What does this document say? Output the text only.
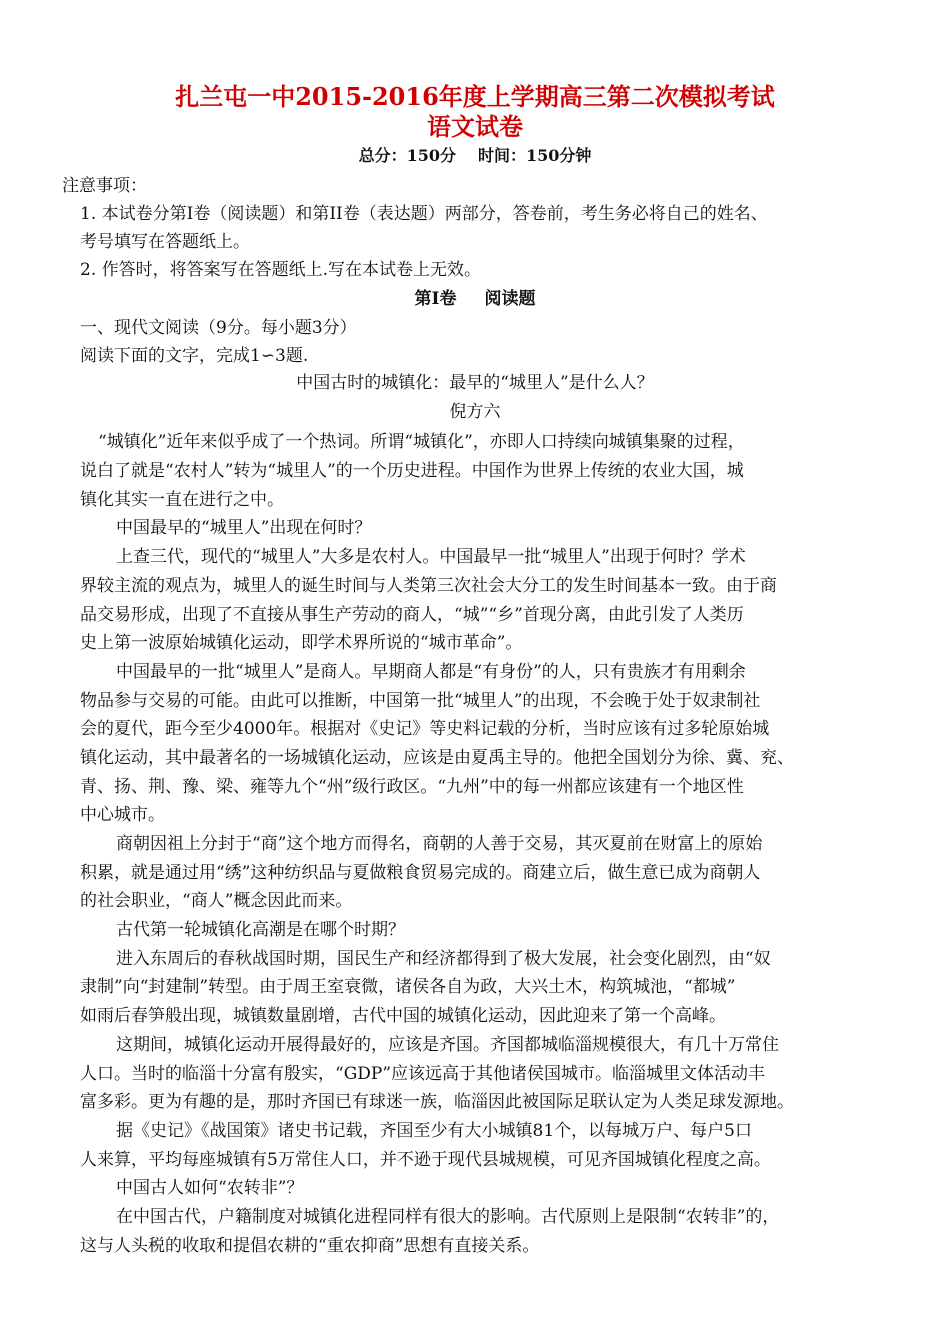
扎兰屯一中2015-2016年度上学期高三第二次模拟考试
语文试卷
总分：150分 时间：150分钟
注意事项：
1. 本试卷分第I卷（阅读题）和第II卷（表达题）两部分，答卷前，考生务必将自己的姓名、
考号填写在答题纸上。
2. 作答时，将答案写在答题纸上.写在本试卷上无效。
第I卷 阅读题
一、现代文阅读（9分。每小题3分）
阅读下面的文字，完成1∽3题.
中国古时的城镇化：最早的“城里人”是什么人？
倪方六
“城镇化”近年来似乎成了一个热词。所谓“城镇化”，亦即人口持续向城镇集聚的过程，
说白了就是“农村人”转为“城里人”的一个历史进程。中国作为世界上传统的农业大国，城
镇化其实一直在进行之中。
中国最早的“城里人”出现在何时？
上查三代，现代的“城里人”大多是农村人。中国最早一批“城里人”出现于何时？学术
界较主流的观点为，城里人的诞生时间与人类第三次社会大分工的发生时间基本一致。由于商
品交易形成，出现了不直接从事生产劳动的商人，“城”“乡”首现分离，由此引发了人类历
史上第一波原始城镇化运动，即学术界所说的“城市革命”。
中国最早的一批“城里人”是商人。早期商人都是“有身份”的人，只有贵族才有用剩余
物品参与交易的可能。由此可以推断，中国第一批“城里人”的出现，不会晚于处于奴隶制社
会的夏代，距今至少4000年。根据对《史记》等史料记载的分析，当时应该有过多轮原始城
镇化运动，其中最著名的一场城镇化运动，应该是由夏禹主导的。他把全国划分为徐、冀、兖、
青、扬、荆、豫、梁、雍等九个“州”级行政区。“九州”中的每一州都应该建有一个地区性
中心城市。
商朝因祖上分封于“商”这个地方而得名，商朝的人善于交易，其灭夏前在财富上的原始
积累，就是通过用“绣”这种纺织品与夏做粮食贸易完成的。商建立后，做生意已成为商朝人
的社会职业，“商人”概念因此而来。
古代第一轮城镇化高潮是在哪个时期？
进入东周后的春秋战国时期，国民生产和经济都得到了极大发展，社会变化剧烈，由“奴
隶制”向“封建制”转型。由于周王室衰微，诸侯各自为政，大兴土木，构筑城池，“都城”
如雨后春笋般出现，城镇数量剧增，古代中国的城镇化运动，因此迎来了第一个高峰。
这期间，城镇化运动开展得最好的，应该是齐国。齐国都城临淄规模很大，有几十万常住
人口。当时的临淄十分富有殷实，“GDP”应该远高于其他诸侯国城市。临淄城里文体活动丰
富多彩。更为有趣的是，那时齐国已有球迷一族，临淄因此被国际足联认定为人类足球发源地。
据《史记》《战国策》诸史书记载，齐国至少有大小城镇81个，以每城万户、每户5口
人来算，平均每座城镇有5万常住人口，并不逊于现代县城规模，可见齐国城镇化程度之高。
中国古人如何“农转非”？
在中国古代，户籍制度对城镇化进程同样有很大的影响。古代原则上是限制“农转非”的，
这与人头税的收取和提倡农耕的“重农抑商”思想有直接关系。
